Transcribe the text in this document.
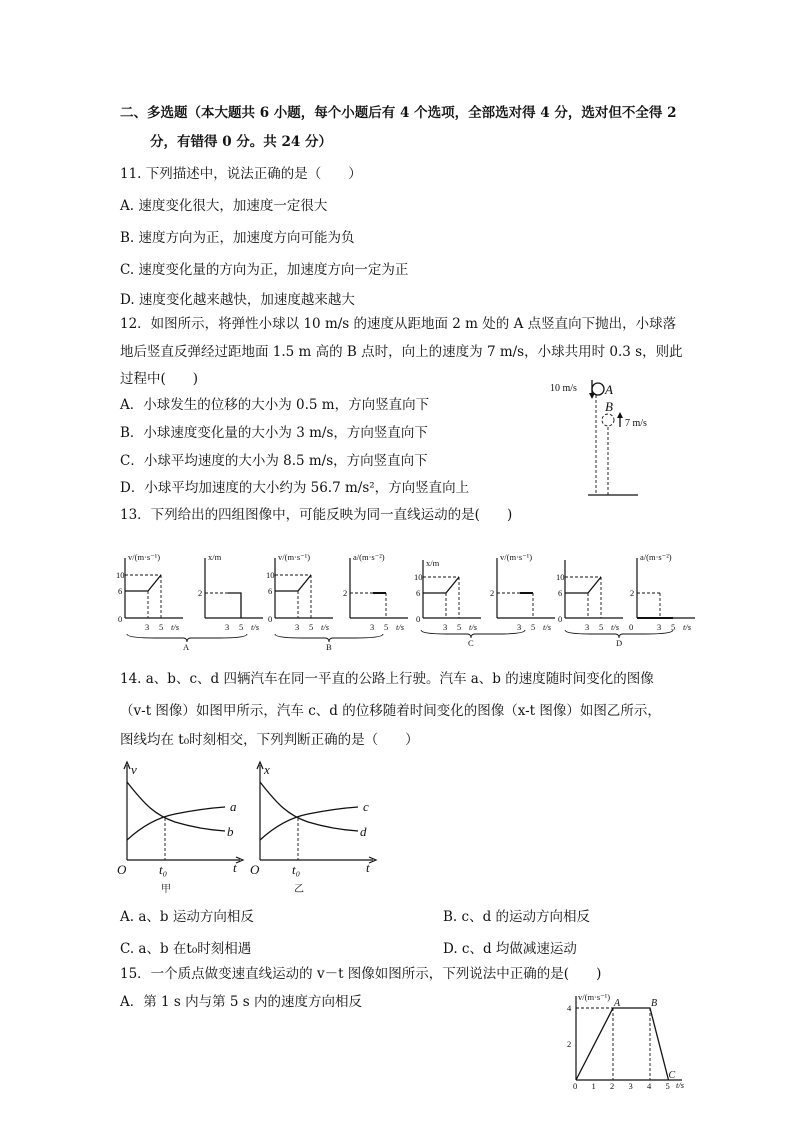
二、多选题（本大题共 6 小题，每个小题后有 4 个选项，全部选对得 4 分，选对但不全得 2
分，有错得 0 分。共 24 分）
11. 下列描述中，说法正确的是（　　）
A. 速度变化很大，加速度一定很大
B. 速度方向为正，加速度方向可能为负
C. 速度变化量的方向为正，加速度方向一定为正
D. 速度变化越来越快，加速度越来越大
12．如图所示，将弹性小球以 10 m/s 的速度从距地面 2 m 处的 A 点竖直向下抛出，小球落
地后竖直反弹经过距地面 1.5 m 高的 B 点时，向上的速度为 7 m/s，小球共用时 0.3 s，则此
过程中(　　)
A．小球发生的位移的大小为 0.5 m，方向竖直向下
B．小球速度变化量的大小为 3 m/s，方向竖直向下
C．小球平均速度的大小为 8.5 m/s，方向竖直向下
D．小球平均加速度的大小约为 56.7 m/s²，方向竖直向上
10 m/s A
B
7 m/s
13．下列给出的四组图像中，可能反映为同一直线运动的是(　　)
v/(m·s⁻¹)
10
6
0
3 5 t/s
x/m
2
3 5 t/s
A
v/(m·s⁻¹)
10
6
0
3 5 t/s
a/(m·s⁻²)
2
3 5 t/s
B
x/m
10
6
0
3 5 t/s
v/(m·s⁻¹)
2
3 5 t/s
C
10
6
0
3 5 t/s
a/(m·s⁻²)
2
0	3 5 t/s
D
14. a、b、c、d 四辆汽车在同一平直的公路上行驶。汽车 a、b 的速度随时间变化的图像
（v-t 图像）如图甲所示，汽车 c、d 的位移随着时间变化的图像（x-t 图像）如图乙所示，
图线均在 t₀时刻相交，下列判断正确的是（　　）
v
t
O	t₀
a
b
甲
x
t
O	t₀
c
d
乙
A. a、b 运动方向相反	B. c、d 的运动方向相反
C. a、b 在t₀时刻相遇	D. c、d 均做减速运动
15．一个质点做变速直线运动的 v－t 图像如图所示，下列说法中正确的是(　　)
A．第 1 s 内与第 5 s 内的速度方向相反	v/(m·s⁻¹)
t/s
0 1 2 3 4 5
2
4	A	B
C
